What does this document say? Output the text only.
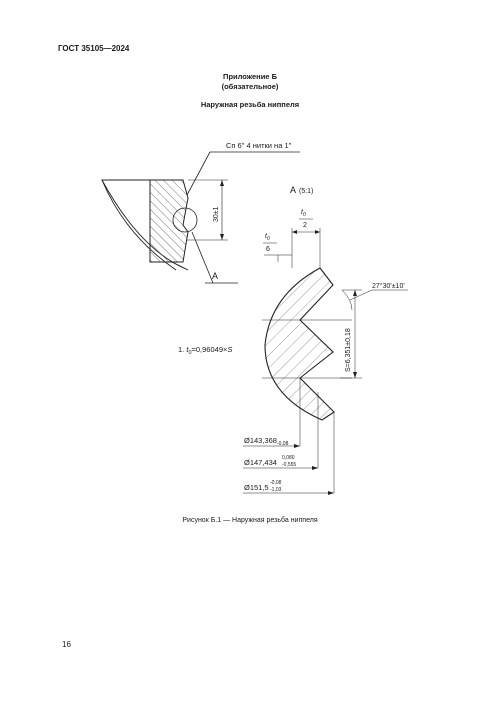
ГОСТ 35105—2024
Приложение Б
(обязательное)
Наружная резьба ниппеля
30±1
Сп 6" 4 нитки на 1"
А
А (5:1)
$t_0$
2
$t_0$
6
27°30'±10'
S=6,351±0,18
1. $t_0=0,96049\times S$
$Ø143,368_{-0,08}$
Ø147,434 0,080
-0,555
Ø151,5 -0,08
-1,03
Рисунок Б.1 — Наружная резьба ниппеля
16
